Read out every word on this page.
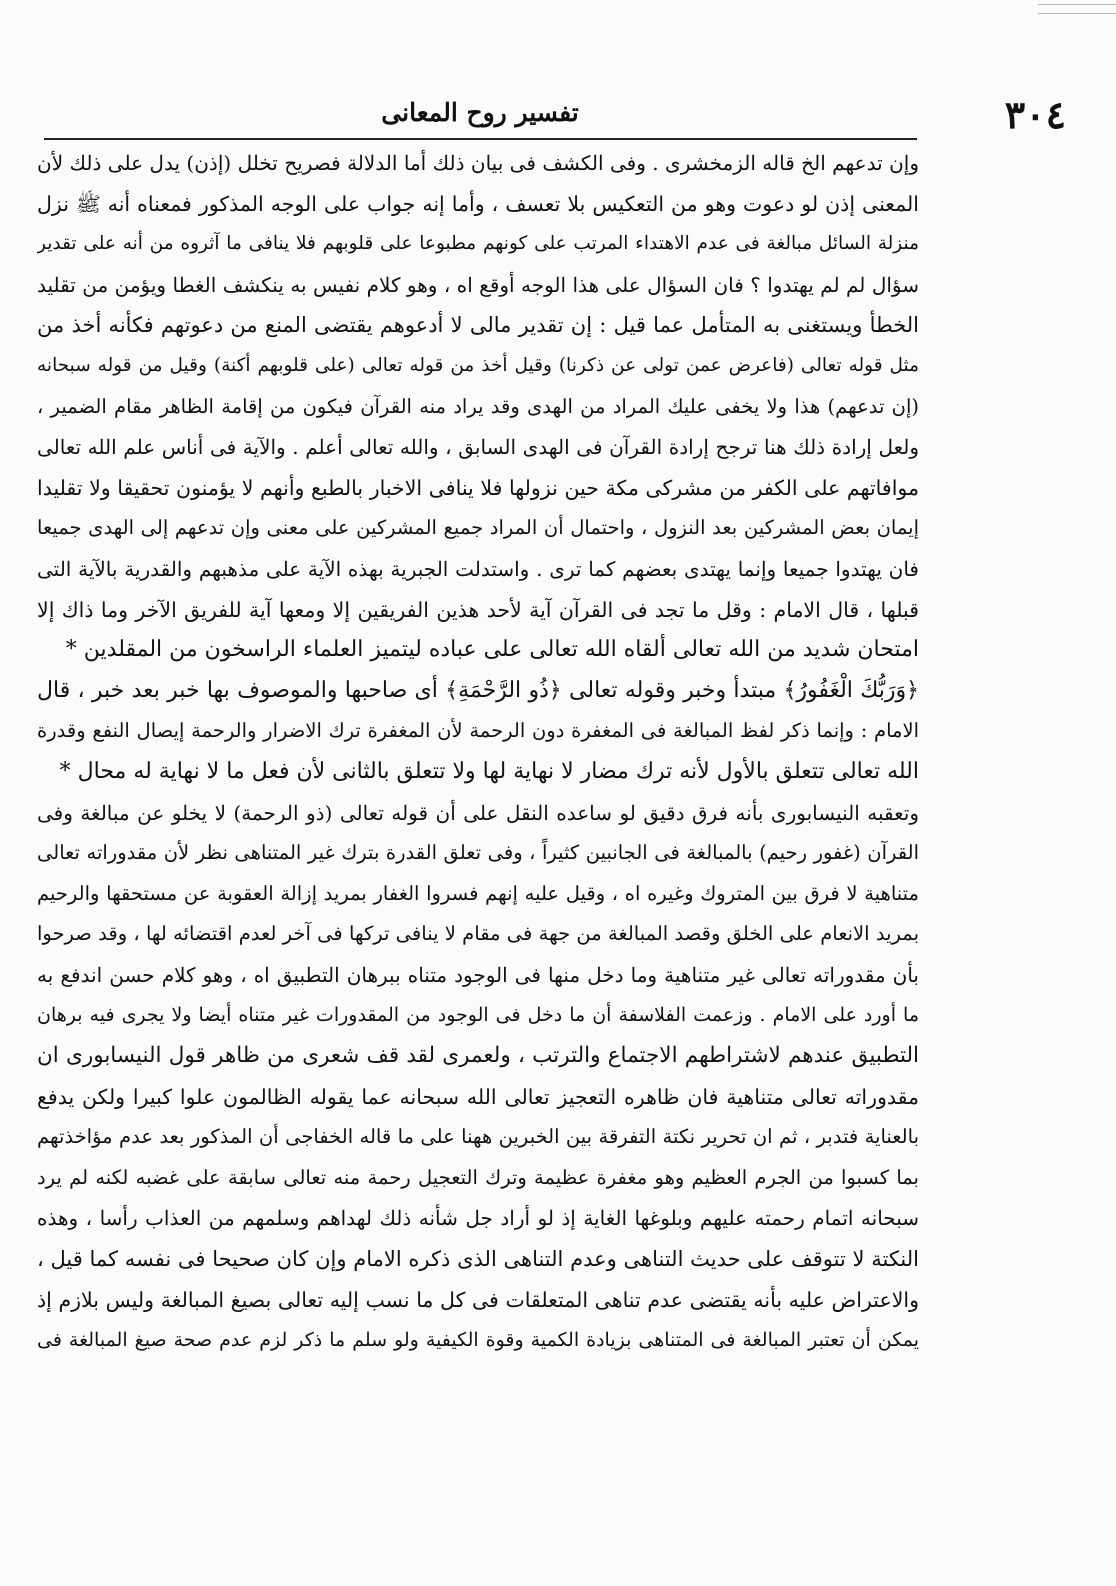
تفسير روح المعانى	٣٠٤
وإن تدعهم الخ قاله الزمخشرى . وفى الكشف فى بيان ذلك أما الدلالة فصريح تخلل (إذن) يدل على ذلك لأن
المعنى إذن لو دعوت وهو من التعكيس بلا تعسف ، وأما إنه جواب على الوجه المذكور فمعناه أنه ﷺ نزل
منزلة السائل مبالغة فى عدم الاهتداء المرتب على كونهم مطبوعا على قلوبهم فلا ينافى ما آثروه من أنه على تقدير
سؤال لم لم يهتدوا ؟ فان السؤال على هذا الوجه أوقع اه ، وهو كلام نفيس به ينكشف الغطا ويؤمن من تقليد
الخطأ ويستغنى به المتأمل عما قيل : إن تقدير مالى لا أدعوهم يقتضى المنع من دعوتهم فكأنه أخذ من
مثل قوله تعالى (فاعرض عمن تولى عن ذكرنا) وقيل أخذ من قوله تعالى (على قلوبهم أكنة) وقيل من قوله سبحانه
(إن تدعهم) هذا ولا يخفى عليك المراد من الهدى وقد يراد منه القرآن فيكون من إقامة الظاهر مقام الضمير ،
ولعل إرادة ذلك هنا ترجح إرادة القرآن فى الهدى السابق ، والله تعالى أعلم . والآية فى أناس علم الله تعالى
موافاتهم على الكفر من مشركى مكة حين نزولها فلا ينافى الاخبار بالطبع وأنهم لا يؤمنون تحقيقا ولا تقليدا
إيمان بعض المشركين بعد النزول ، واحتمال أن المراد جميع المشركين على معنى وإن تدعهم إلى الهدى جميعا
فان يهتدوا جميعا وإنما يهتدى بعضهم كما ترى . واستدلت الجبرية بهذه الآية على مذهبهم والقدرية بالآية التى
قبلها ، قال الامام : وقل ما تجد فى القرآن آية لأحد هذين الفريقين إلا ومعها آية للفريق الآخر وما ذاك إلا
امتحان شديد من الله تعالى ألقاه الله تعالى على عباده ليتميز العلماء الراسخون من المقلدين *
﴿وَرَبُّكَ الْغَفُورُ﴾ مبتدأ وخبر وقوله تعالى ﴿ذُو الرَّحْمَةِ﴾ أى صاحبها والموصوف بها خبر بعد خبر ، قال
الامام : وإنما ذكر لفظ المبالغة فى المغفرة دون الرحمة لأن المغفرة ترك الاضرار والرحمة إيصال النفع وقدرة
الله تعالى تتعلق بالأول لأنه ترك مضار لا نهاية لها ولا تتعلق بالثانى لأن فعل ما لا نهاية له محال *
وتعقبه النيسابورى بأنه فرق دقيق لو ساعده النقل على أن قوله تعالى (ذو الرحمة) لا يخلو عن مبالغة وفى
القرآن (غفور رحيم) بالمبالغة فى الجانبين كثيراً ، وفى تعلق القدرة بترك غير المتناهى نظر لأن مقدوراته تعالى
متناهية لا فرق بين المتروك وغيره اه ، وقيل عليه إنهم فسروا الغفار بمريد إزالة العقوبة عن مستحقها والرحيم
بمريد الانعام على الخلق وقصد المبالغة من جهة فى مقام لا ينافى تركها فى آخر لعدم اقتضائه لها ، وقد صرحوا
بأن مقدوراته تعالى غير متناهية وما دخل منها فى الوجود متناه ببرهان التطبيق اه ، وهو كلام حسن اندفع به
ما أورد على الامام . وزعمت الفلاسفة أن ما دخل فى الوجود من المقدورات غير متناه أيضا ولا يجرى فيه برهان
التطبيق عندهم لاشتراطهم الاجتماع والترتب ، ولعمرى لقد قف شعرى من ظاهر قول النيسابورى ان
مقدوراته تعالى متناهية فان ظاهره التعجيز تعالى الله سبحانه عما يقوله الظالمون علوا كبيرا ولكن يدفع
بالعناية فتدبر ، ثم ان تحرير نكتة التفرقة بين الخبرين ههنا على ما قاله الخفاجى أن المذكور بعد عدم مؤاخذتهم
بما كسبوا من الجرم العظيم وهو مغفرة عظيمة وترك التعجيل رحمة منه تعالى سابقة على غضبه لكنه لم يرد
سبحانه اتمام رحمته عليهم وبلوغها الغاية إذ لو أراد جل شأنه ذلك لهداهم وسلمهم من العذاب رأسا ، وهذه
النكتة لا تتوقف على حديث التناهى وعدم التناهى الذى ذكره الامام وإن كان صحيحا فى نفسه كما قيل ،
والاعتراض عليه بأنه يقتضى عدم تناهى المتعلقات فى كل ما نسب إليه تعالى بصيغ المبالغة وليس بلازم إذ
يمكن أن تعتبر المبالغة فى المتناهى بزيادة الكمية وقوة الكيفية ولو سلم ما ذكر لزم عدم صحة صيغ المبالغة فى
